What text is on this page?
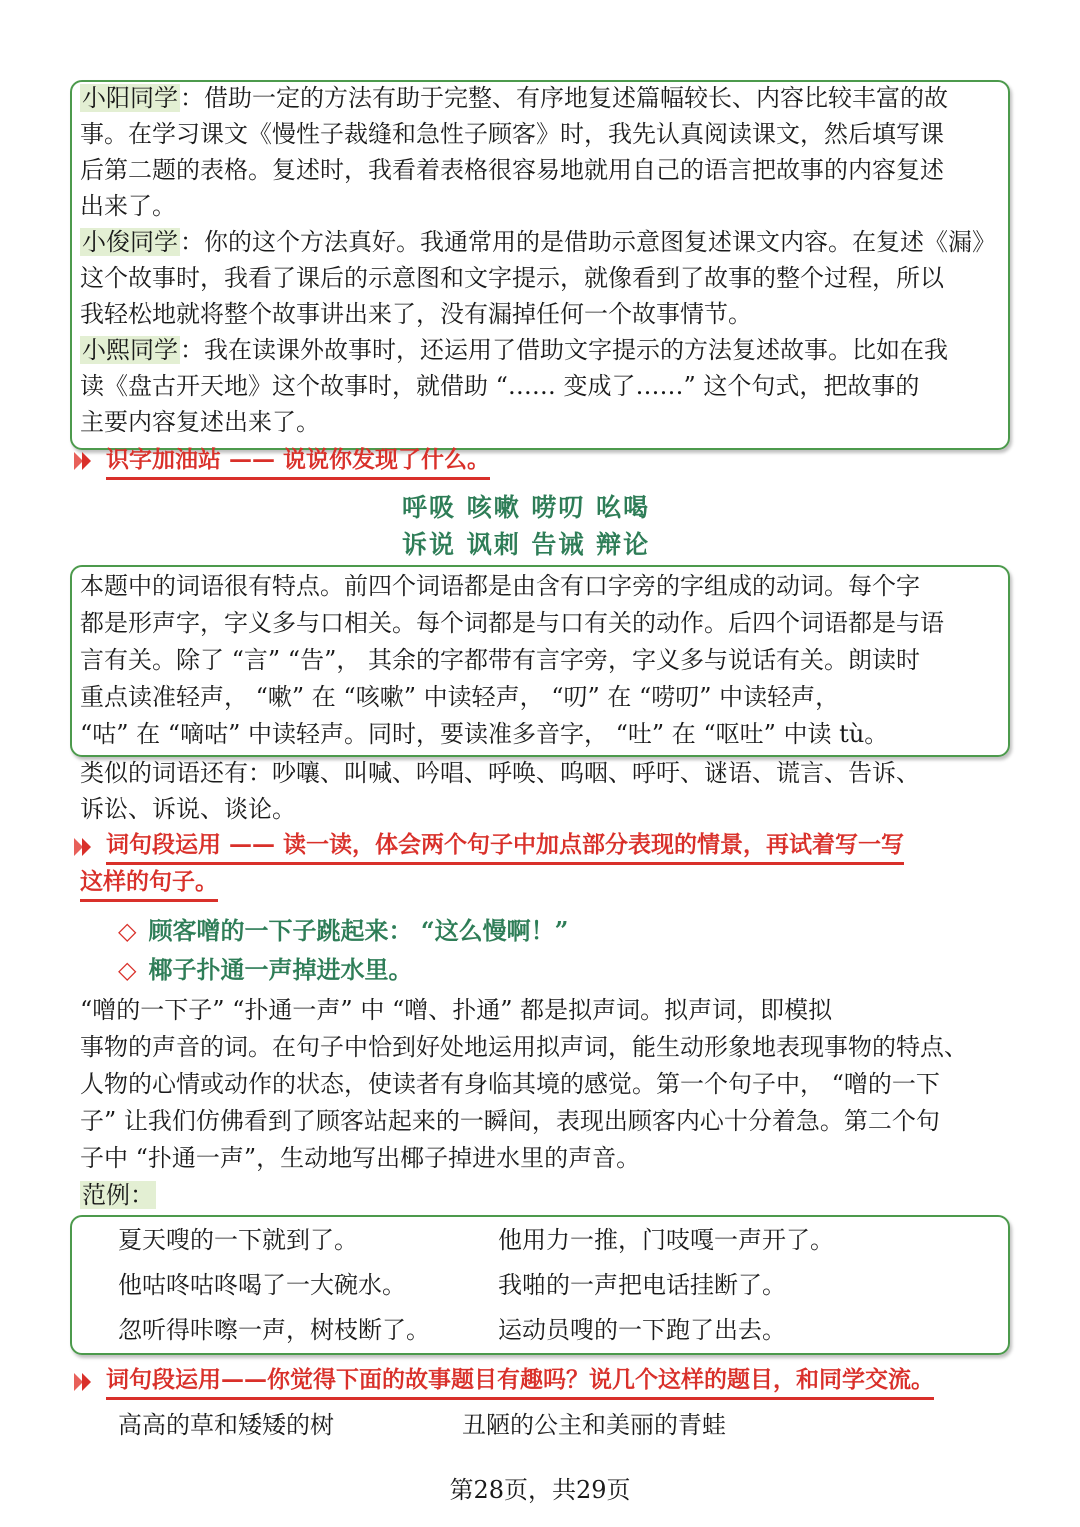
小阳同学：借助一定的方法有助于完整、有序地复述篇幅较长、内容比较丰富的故
事。在学习课文《慢性子裁缝和急性子顾客》时，我先认真阅读课文，然后填写课
后第二题的表格。复述时，我看着表格很容易地就用自己的语言把故事的内容复述
出来了。
小俊同学：你的这个方法真好。我通常用的是借助示意图复述课文内容。在复述《漏》
这个故事时，我看了课后的示意图和文字提示，就像看到了故事的整个过程，所以
我轻松地就将整个故事讲出来了，没有漏掉任何一个故事情节。
小熙同学：我在读课外故事时，还运用了借助文字提示的方法复述故事。比如在我
读《盘古开天地》这个故事时，就借助 “…… 变成了……” 这个句式，把故事的
主要内容复述出来了。
识字加油站 —— 说说你发现了什么。
呼吸 咳嗽 唠叨 吆喝
诉说 讽刺 告诫 辩论
本题中的词语很有特点。前四个词语都是由含有口字旁的字组成的动词。每个字
都是形声字，字义多与口相关。每个词都是与口有关的动作。后四个词语都是与语
言有关。除了 “言” “告”， 其余的字都带有言字旁，字义多与说话有关。朗读时
重点读准轻声， “嗽” 在 “咳嗽” 中读轻声， “叨” 在 “唠叨” 中读轻声，
“咕” 在 “嘀咕” 中读轻声。同时，要读准多音字， “吐” 在 “呕吐” 中读 tù。
类似的词语还有：吵嚷、叫喊、吟唱、呼唤、呜咽、呼吁、谜语、谎言、告诉、
诉讼、诉说、谈论。
词句段运用 —— 读一读，体会两个句子中加点部分表现的情景，再试着写一写
这样的句子。
◇ 顾客噌的一下子跳起来： “这么慢啊！”
◇ 椰子扑通一声掉进水里。
“噌的一下子” “扑通一声” 中 “噌、扑通” 都是拟声词。拟声词，即模拟
事物的声音的词。在句子中恰到好处地运用拟声词，能生动形象地表现事物的特点、
人物的心情或动作的状态，使读者有身临其境的感觉。第一个句子中， “噌的一下
子” 让我们仿佛看到了顾客站起来的一瞬间，表现出顾客内心十分着急。第二个句
子中 “扑通一声”，生动地写出椰子掉进水里的声音。
范例：
夏天嗖的一下就到了。
他咕咚咕咚喝了一大碗水。
忽听得咔嚓一声，树枝断了。
他用力一推，门吱嘎一声开了。
我啪的一声把电话挂断了。
运动员嗖的一下跑了出去。
词句段运用——你觉得下面的故事题目有趣吗？说几个这样的题目，和同学交流。
高高的草和矮矮的树	丑陋的公主和美丽的青蛙
第28页，共29页
